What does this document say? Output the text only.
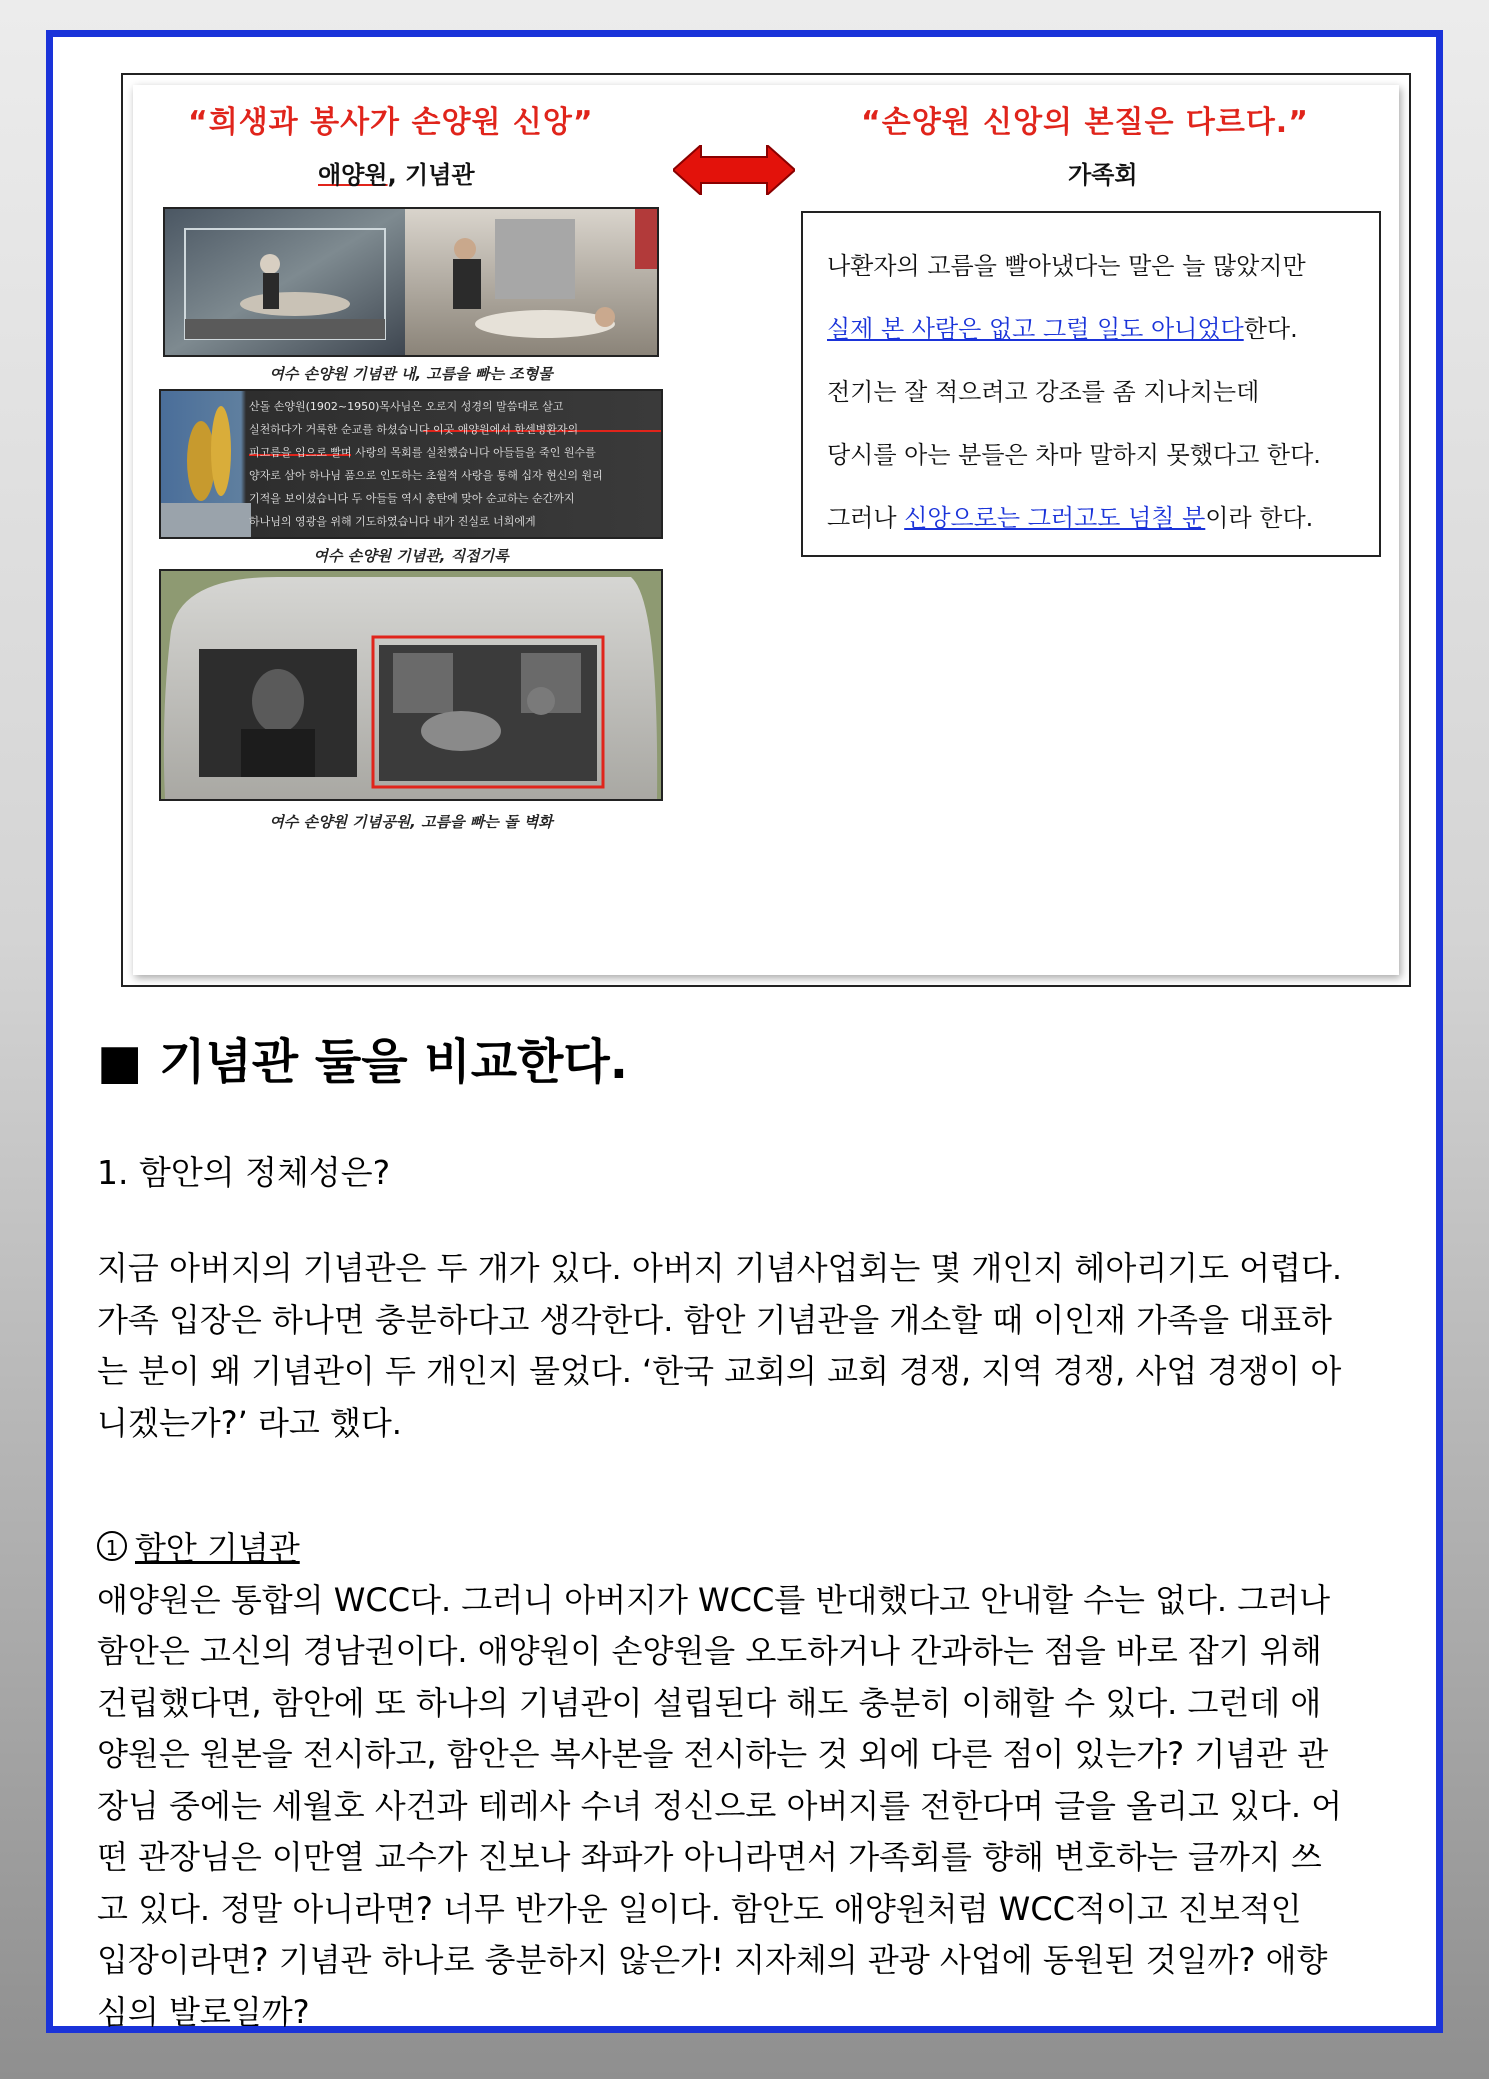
“희생과 봉사가 손양원 신앙”	“손양원 신앙의 본질은 다르다.”
애양원, 기념관	가족회
여수 손양원 기념관 내, 고름을 빠는 조형물
산돌 손양원(1902~1950)목사님은 오로지 성경의 말씀대로 살고
실천하다가 거룩한 순교를 하셨습니다 이곳 애양원에서 한센병환자의
피고름을 입으로 빨며 사랑의 목회를 실천했습니다 아들들을 죽인 원수를
양자로 삼아 하나님 품으로 인도하는 초월적 사랑을 통해 십자 현신의 원리
기적을 보이셨습니다 두 아들들 역시 총탄에 맞아 순교하는 순간까지
하나님의 영광을 위해 기도하였습니다 내가 진실로 너희에게
여수 손양원 기념관, 직접기록
여수 손양원 기념공원, 고름을 빠는 돌 벽화
나환자의 고름을 빨아냈다는 말은 늘 많았지만
실제 본 사람은 없고 그럴 일도 아니었다한다.
전기는 잘 적으려고 강조를 좀 지나치는데
당시를 아는 분들은 차마 말하지 못했다고 한다.
그러나 신앙으로는 그러고도 넘칠 분이라 한다.
■ 기념관 둘을 비교한다.
1. 함안의 정체성은?
지금 아버지의 기념관은 두 개가 있다. 아버지 기념사업회는 몇 개인지 헤아리기도 어렵다.
가족 입장은 하나면 충분하다고 생각한다. 함안 기념관을 개소할 때 이인재 가족을 대표하
는 분이 왜 기념관이 두 개인지 물었다. ‘한국 교회의 교회 경쟁, 지역 경쟁, 사업 경쟁이 아
니겠는가?’ 라고 했다.
1 함안 기념관
애양원은 통합의 WCC다. 그러니 아버지가 WCC를 반대했다고 안내할 수는 없다. 그러나
함안은 고신의 경남권이다. 애양원이 손양원을 오도하거나 간과하는 점을 바로 잡기 위해
건립했다면, 함안에 또 하나의 기념관이 설립된다 해도 충분히 이해할 수 있다. 그런데 애
양원은 원본을 전시하고, 함안은 복사본을 전시하는 것 외에 다른 점이 있는가? 기념관 관
장님 중에는 세월호 사건과 테레사 수녀 정신으로 아버지를 전한다며 글을 올리고 있다. 어
떤 관장님은 이만열 교수가 진보나 좌파가 아니라면서 가족회를 향해 변호하는 글까지 쓰
고 있다. 정말 아니라면? 너무 반가운 일이다. 함안도 애양원처럼 WCC적이고 진보적인
입장이라면? 기념관 하나로 충분하지 않은가! 지자체의 관광 사업에 동원된 것일까? 애향
심의 발로일까?
